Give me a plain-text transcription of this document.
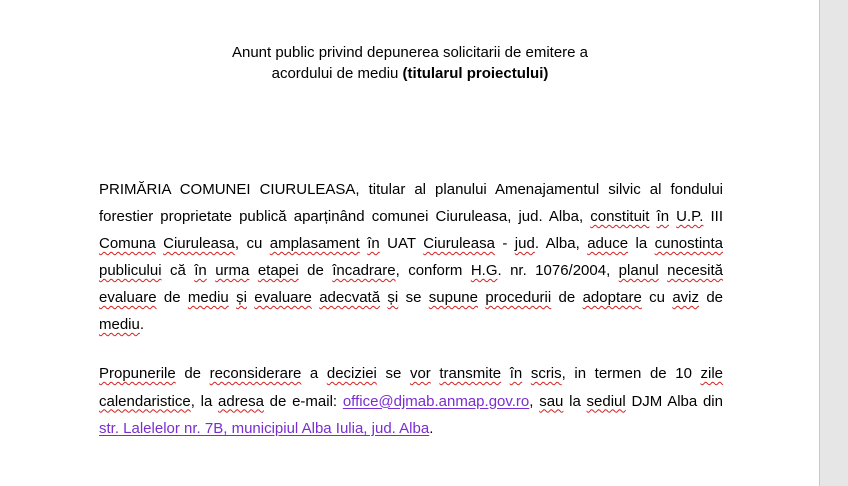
Anunt public privind depunerea solicitarii de emitere a
acordului de mediu (titularul proiectului)
PRIMĂRIA COMUNEI CIURULEASA, titular al planului Amenajamentul silvic al fondului forestier proprietate publică aparținând comunei Ciuruleasa, jud. Alba, constituit în U.P. III Comuna Ciuruleasa, cu amplasament în UAT Ciuruleasa - jud. Alba, aduce la cunostinta publicului că în urma etapei de încadrare, conform H.G. nr. 1076/2004, planul necesită evaluare de mediu și evaluare adecvată și se supune procedurii de adoptare cu aviz de mediu.
Propunerile de reconsiderare a deciziei se vor transmite în scris, in termen de 10 zile calendaristice, la adresa de e-mail: office@djmab.anmap.gov.ro, sau la sediul DJM Alba din str. Lalelelor nr. 7B, municipiul Alba Iulia, jud. Alba.
